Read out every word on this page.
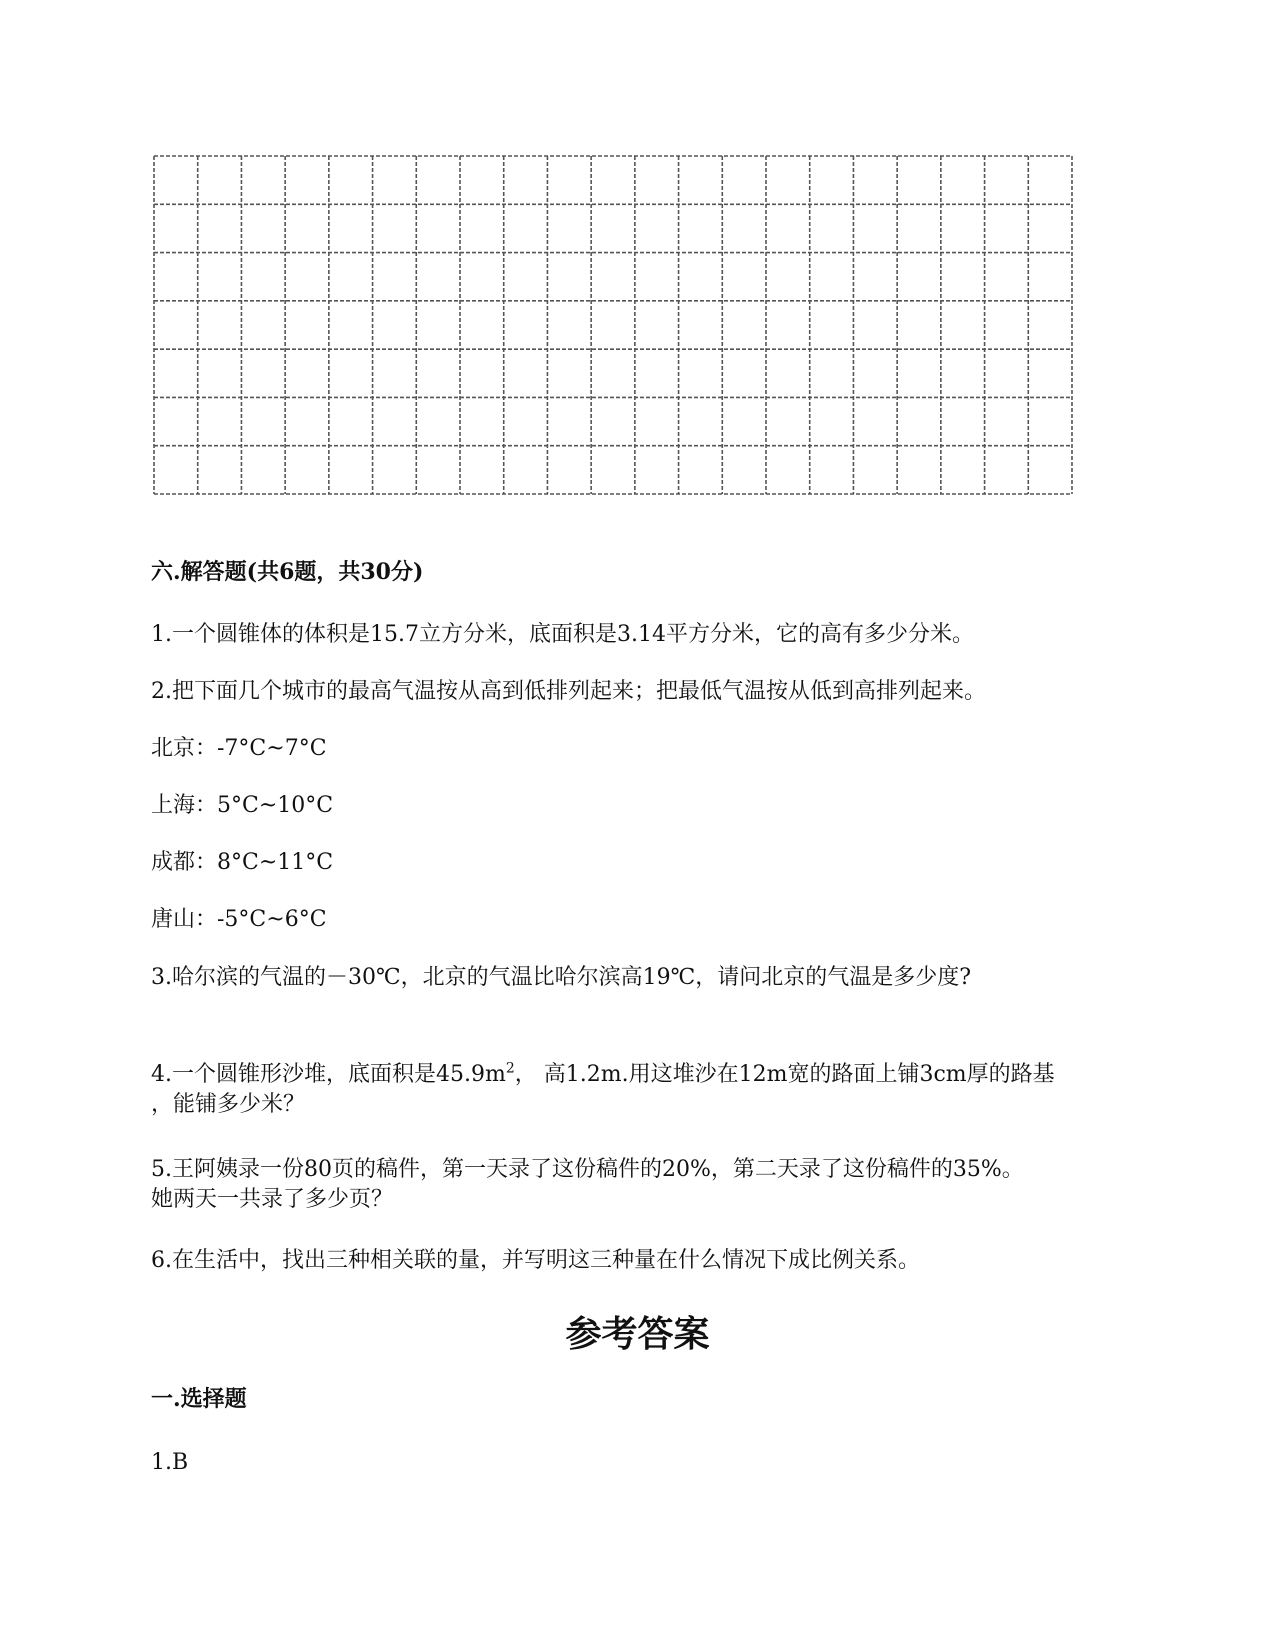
六.解答题(共6题，共30分)
1.一个圆锥体的体积是15.7立方分米，底面积是3.14平方分米，它的高有多少分米。
2.把下面几个城市的最高气温按从高到低排列起来；把最低气温按从低到高排列起来。
北京：-7°C~7°C
上海：5°C~10°C
成都：8°C~11°C
唐山：-5°C~6°C
3.哈尔滨的气温的－30℃，北京的气温比哈尔滨高19℃，请问北京的气温是多少度?
4.一个圆锥形沙堆，底面积是$45.9m^2$， 高1.2m.用这堆沙在12m宽的路面上铺3cm厚的路基
，能铺多少米？
5.王阿姨录一份80页的稿件，第一天录了这份稿件的20%，第二天录了这份稿件的35%。
她两天一共录了多少页？
6.在生活中，找出三种相关联的量，并写明这三种量在什么情况下成比例关系。
参考答案
一.选择题
1.B
